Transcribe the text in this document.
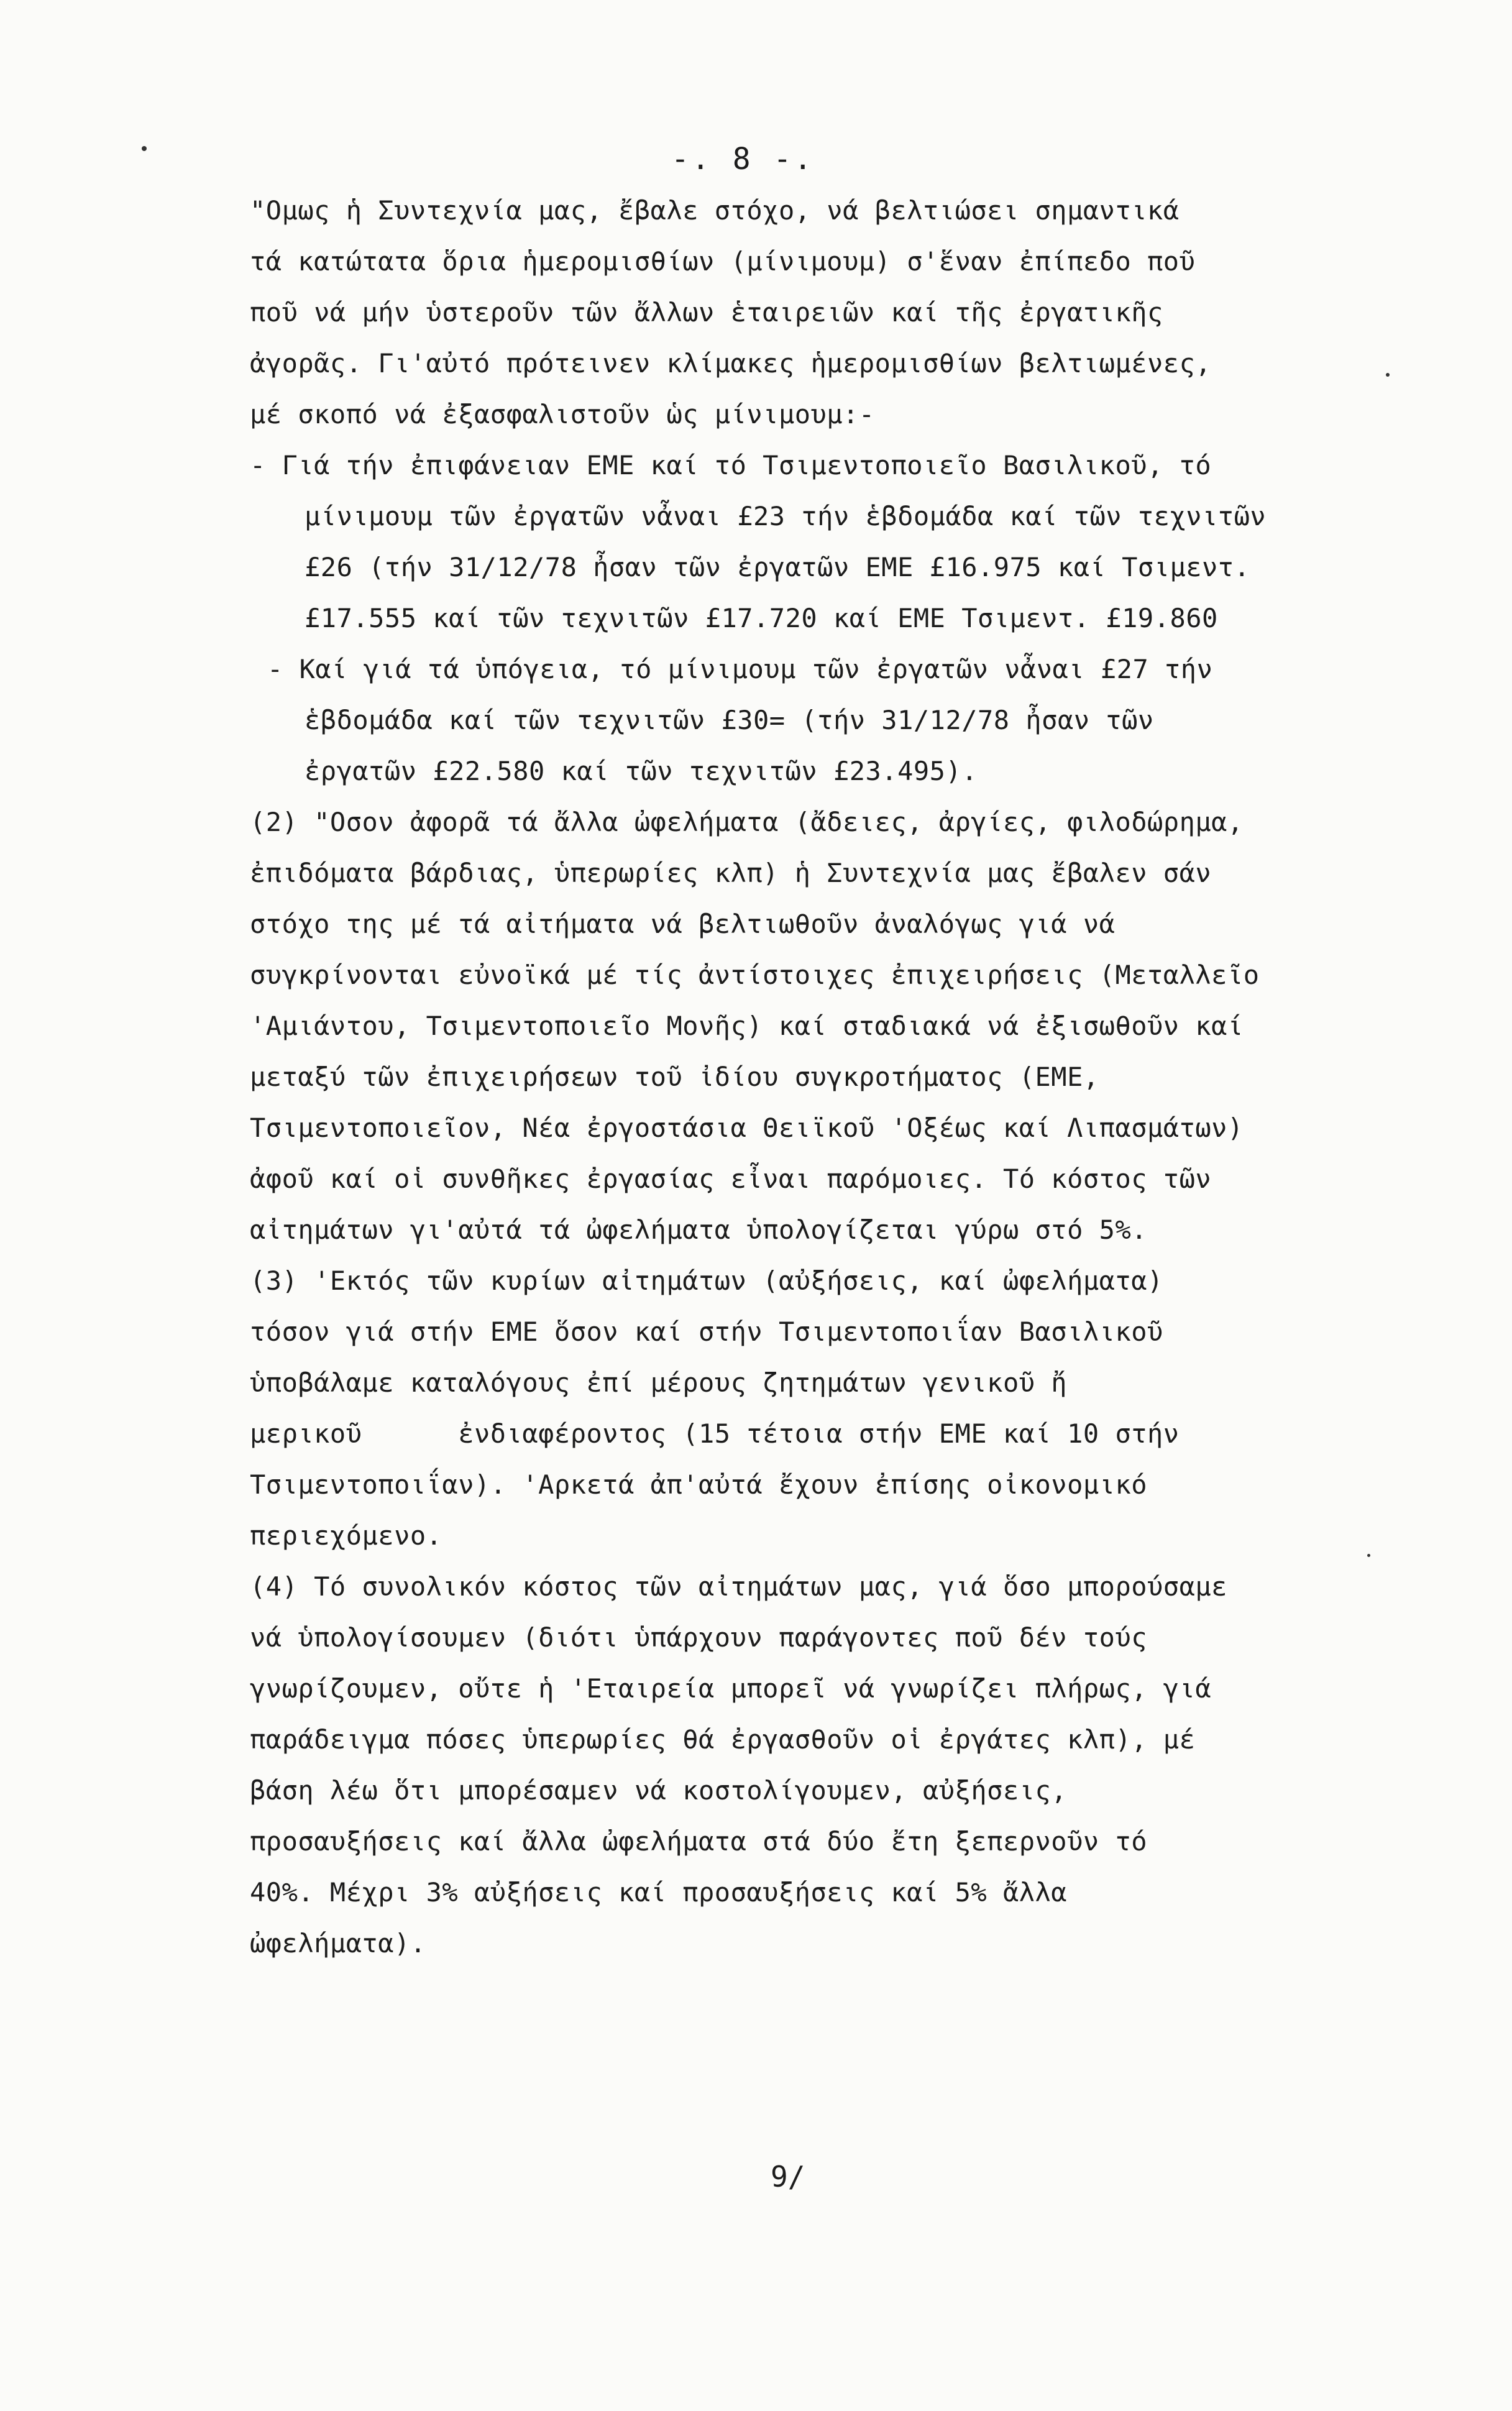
-. 8 -.
"Ομως ἡ Συντεχνία μας, ἔβαλε στόχο, νά βελτιώσει σημαντικά
τά κατώτατα ὅρια ἡμερομισθίων (μίνιμουμ) σ'ἕναν ἐπίπεδο ποῦ
ποῦ νά μήν ὑστεροῦν τῶν ἄλλων ἑταιρειῶν καί τῆς ἐργατικῆς
ἀγορᾶς. Γι'αὐτό πρότεινεν κλίμακες ἡμερομισθίων βελτιωμένες,
μέ σκοπό νά ἐξασφαλιστοῦν ὡς μίνιμουμ:-
- Γιά τήν ἐπιφάνειαν ΕΜΕ καί τό Τσιμεντοποιεῖο Βασιλικοῦ, τό
μίνιμουμ τῶν ἐργατῶν νἆναι £23 τήν ἑβδομάδα καί τῶν τεχνιτῶν
£26 (τήν 31/12/78 ἦσαν τῶν ἐργατῶν ΕΜΕ £16.975 καί Τσιμεντ.
£17.555 καί τῶν τεχνιτῶν £17.720 καί ΕΜΕ Τσιμεντ. £19.860
- Καί γιά τά ὑπόγεια, τό μίνιμουμ τῶν ἐργατῶν νἆναι £27 τήν
ἑβδομάδα καί τῶν τεχνιτῶν £30= (τήν 31/12/78 ἦσαν τῶν
ἐργατῶν £22.580 καί τῶν τεχνιτῶν £23.495).
(2) "Οσον ἀφορᾶ τά ἄλλα ὠφελήματα (ἄδειες, ἀργίες, φιλοδώρημα,
ἐπιδόματα βάρδιας, ὑπερωρίες κλπ) ἡ Συντεχνία μας ἔβαλεν σάν
στόχο της μέ τά αἰτήματα νά βελτιωθοῦν ἀναλόγως γιά νά
συγκρίνονται εὐνοϊκά μέ τίς ἀντίστοιχες ἐπιχειρήσεις (Μεταλλεῖο
'Αμιάντου, Τσιμεντοποιεῖο Μονῆς) καί σταδιακά νά ἐξισωθοῦν καί
μεταξύ τῶν ἐπιχειρήσεων τοῦ ἰδίου συγκροτήματος (ΕΜΕ,
Τσιμεντοποιεῖον, Νέα ἐργοστάσια Θειϊκοῦ 'Οξέως καί Λιπασμάτων)
ἀφοῦ καί οἱ συνθῆκες ἐργασίας εἶναι παρόμοιες. Τό κόστος τῶν
αἰτημάτων γι'αὐτά τά ὠφελήματα ὑπολογίζεται γύρω στό 5%.
(3) 'Εκτός τῶν κυρίων αἰτημάτων (αὐξήσεις, καί ὠφελήματα)
τόσον γιά στήν ΕΜΕ ὅσον καί στήν Τσιμεντοποιΐαν Βασιλικοῦ
ὑποβάλαμε καταλόγους ἐπί μέρους ζητημάτων γενικοῦ ἤ
μερικοῦ      ἐνδιαφέροντος (15 τέτοια στήν ΕΜΕ καί 10 στήν
Τσιμεντοποιΐαν). 'Αρκετά ἀπ'αὐτά ἔχουν ἐπίσης οἰκονομικό
περιεχόμενο.
(4) Τό συνολικόν κόστος τῶν αἰτημάτων μας, γιά ὅσο μπορούσαμε
νά ὑπολογίσουμεν (διότι ὑπάρχουν παράγοντες ποῦ δέν τούς
γνωρίζουμεν, οὔτε ἡ 'Εταιρεία μπορεῖ νά γνωρίζει πλήρως, γιά
παράδειγμα πόσες ὑπερωρίες θά ἐργασθοῦν οἱ ἐργάτες κλπ), μέ
βάση λέω ὅτι μπορέσαμεν νά κοστολίγουμεν, αὐξήσεις,
προσαυξήσεις καί ἄλλα ὠφελήματα στά δύο ἔτη ξεπερνοῦν τό
40%. Μέχρι 3% αὐξήσεις καί προσαυξήσεις καί 5% ἄλλα
ὠφελήματα).
9/
